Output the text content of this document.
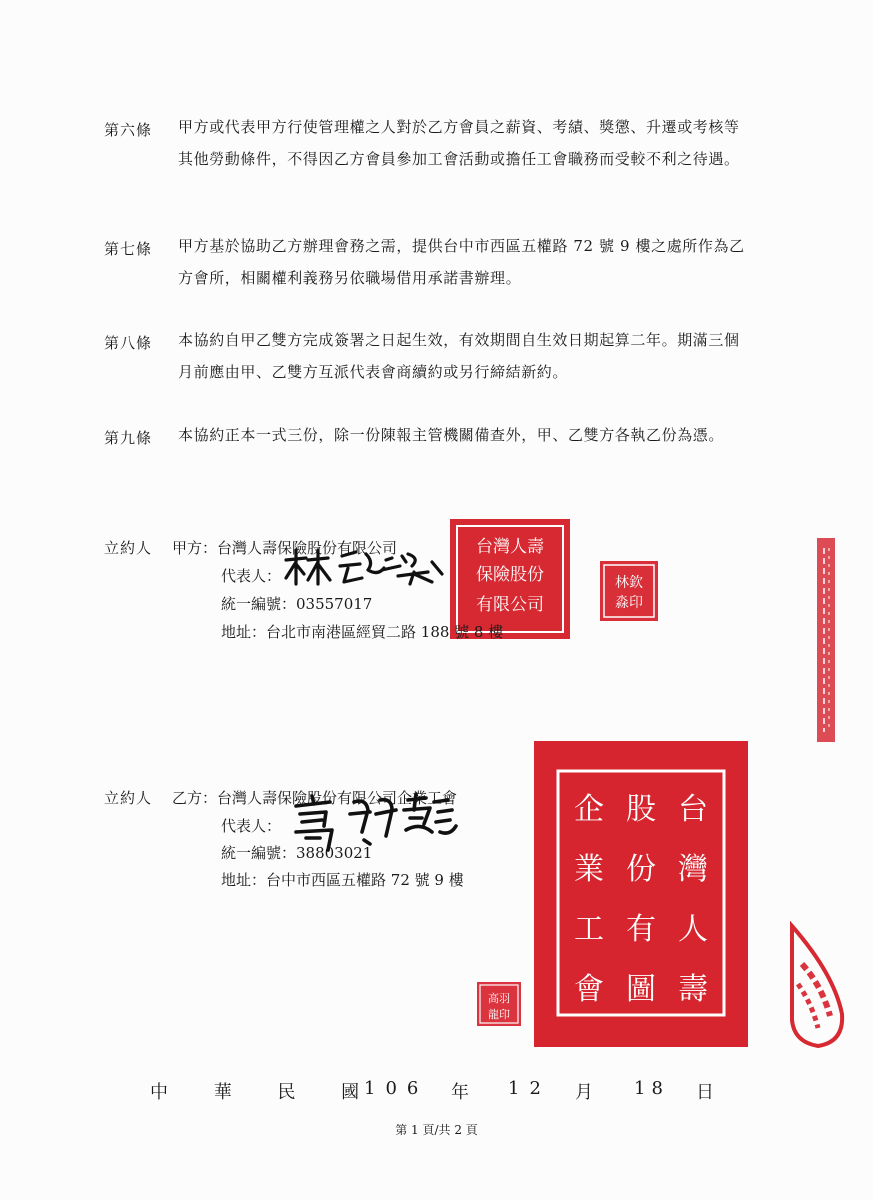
第六條 甲方或代表甲方行使管理權之人對於乙方會員之薪資、考績、獎懲、升遷或考核等其他勞動條件，不得因乙方會員參加工會活動或擔任工會職務而受較不利之待遇。
第七條 甲方基於協助乙方辦理會務之需，提供台中市西區五權路 72 號 9 樓之處所作為乙方會所，相關權利義務另依職場借用承諾書辦理。
第八條 本協約自甲乙雙方完成簽署之日起生效，有效期間自生效日期起算二年。期滿三個月前應由甲、乙雙方互派代表會商續約或另行締結新約。
第九條 本協約正本一式三份，除一份陳報主管機關備查外，甲、乙雙方各執乙份為憑。
台灣人壽
保險股份
有限公司
林欽
淼印
企
業
工
會
股
份
有
圖
台
灣
人
壽
高羽
龍印
立約人 甲方：台灣人壽保險股份有限公司
代表人：
統一編號：03557017
地址：台北市南港區經貿二路 188 號 8 樓
立約人 乙方：台灣人壽保險股份有限公司企業工會
代表人：
統一編號：38803021
地址：台中市西區五權路 72 號 9 樓
中 華 民 國
106 年 12 月 18 日
第 1 頁/共 2 頁
